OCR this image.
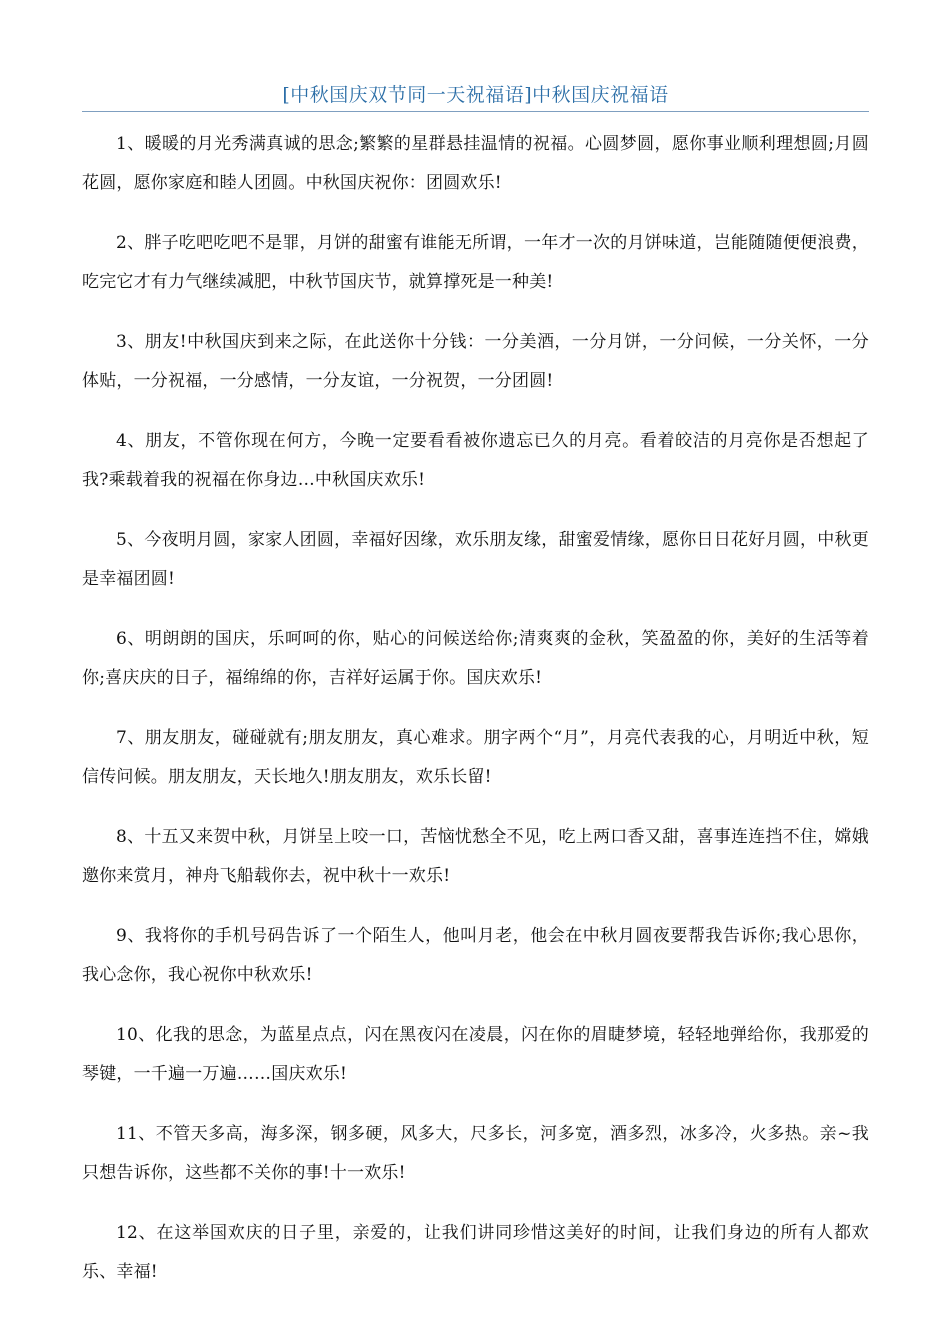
[中秋国庆双节同一天祝福语]中秋国庆祝福语

1、暖暖的月光秀满真诚的思念;繁繁的星群悬挂温情的祝福。心圆梦圆，愿你事业顺利理想圆;月圆花圆，愿你家庭和睦人团圆。中秋国庆祝你：团圆欢乐!

2、胖子吃吧吃吧不是罪，月饼的甜蜜有谁能无所谓，一年才一次的月饼味道，岂能随随便便浪费，吃完它才有力气继续减肥，中秋节国庆节，就算撑死是一种美!

3、朋友!中秋国庆到来之际，在此送你十分钱：一分美酒，一分月饼，一分问候，一分关怀，一分体贴，一分祝福，一分感情，一分友谊，一分祝贺，一分团圆!

4、朋友，不管你现在何方，今晚一定要看看被你遗忘已久的月亮。看着皎洁的月亮你是否想起了我?乘载着我的祝福在你身边…中秋国庆欢乐!

5、今夜明月圆，家家人团圆，幸福好因缘，欢乐朋友缘，甜蜜爱情缘，愿你日日花好月圆，中秋更是幸福团圆!

6、明朗朗的国庆，乐呵呵的你，贴心的问候送给你;清爽爽的金秋，笑盈盈的你，美好的生活等着你;喜庆庆的日子，福绵绵的你，吉祥好运属于你。国庆欢乐!

7、朋友朋友，碰碰就有;朋友朋友，真心难求。朋字两个“月”，月亮代表我的心，月明近中秋，短信传问候。朋友朋友，天长地久!朋友朋友，欢乐长留!

8、十五又来贺中秋，月饼呈上咬一口，苦恼忧愁全不见，吃上两口香又甜，喜事连连挡不住，嫦娥邀你来赏月，神舟飞船载你去，祝中秋十一欢乐!

9、我将你的手机号码告诉了一个陌生人，他叫月老，他会在中秋月圆夜要帮我告诉你;我心思你，我心念你，我心祝你中秋欢乐!

10、化我的思念，为蓝星点点，闪在黑夜闪在凌晨，闪在你的眉睫梦境，轻轻地弹给你，我那爱的琴键，一千遍一万遍……国庆欢乐!

11、不管天多高，海多深，钢多硬，风多大，尺多长，河多宽，酒多烈，冰多冷，火多热。亲~我只想告诉你，这些都不关你的事!十一欢乐!

12、在这举国欢庆的日子里，亲爱的，让我们讲同珍惜这美好的时间，让我们身边的所有人都欢乐、幸福!
